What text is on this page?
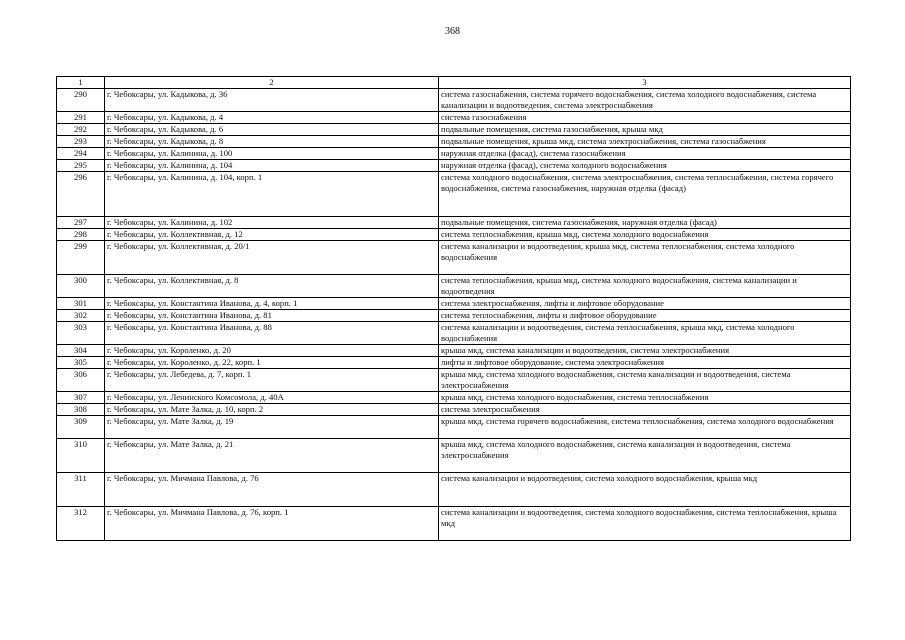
368
1	2	3
290	г. Чебоксары, ул. Кадыкова, д. 36	система газоснабжения, система горячего водоснабжения, система холодного водоснабжения, система канализации и водоотведения, система электроснабжения
291	г. Чебоксары, ул. Кадыкова, д. 4	система газоснабжения
292	г. Чебоксары, ул. Кадыкова, д. 6	подвальные помещения, система газоснабжения, крыша мкд
293	г. Чебоксары, ул. Кадыкова, д. 8	подвальные помещения, крыша мкд, система электроснабжения, система газоснабжения
294	г. Чебоксары, ул. Калинина, д. 100	наружная отделка (фасад), система газоснабжения
295	г. Чебоксары, ул. Калинина, д. 104	наружная отделка (фасад), система холодного водоснабжения
296	г. Чебоксары, ул. Калинина, д. 104, корп. 1	система холодного водоснабжения, система электроснабжения, система теплоснабжения, система горячего водоснабжения, система газоснабжения, наружная отделка (фасад)
297	г. Чебоксары, ул. Калинина, д. 102	подвальные помещения, система газоснабжения, наружная отделка (фасад)
298	г. Чебоксары, ул. Коллективная, д. 12	система теплоснабжения, крыша мкд, система холодного водоснабжения
299	г. Чебоксары, ул. Коллективная, д. 20/1	система канализации и водоотведения, крыша мкд, система теплоснабжения, система холодного водоснабжения
300	г. Чебоксары, ул. Коллективная, д. 8	система теплоснабжения, крыша мкд, система холодного водоснабжения, система канализации и водоотведения
301	г. Чебоксары, ул. Константина Иванова, д. 4, корп. 1	система электроснабжения, лифты и лифтовое оборудование
302	г. Чебоксары, ул. Константина Иванова, д. 81	система теплоснабжения, лифты и лифтовое оборудование
303	г. Чебоксары, ул. Константина Иванова, д. 88	система канализации и водоотведения, система теплоснабжения, крыша мкд, система холодного водоснабжения
304	г. Чебоксары, ул. Короленко, д. 20	крыша мкд, система канализации и водоотведения, система электроснабжения
305	г. Чебоксары, ул. Короленко, д. 22, корп. 1	лифты и лифтовое оборудование, система электроснабжения
306	г. Чебоксары, ул. Лебедева, д. 7, корп. 1	крыша мкд, система холодного водоснабжения, система канализации и водоотведения, система электроснабжения
307	г. Чебоксары, ул. Ленинского Комсомола, д. 40А	крыша мкд, система холодного водоснабжения, система теплоснабжения
308	г. Чебоксары, ул. Мате Залка, д. 10, корп. 2	система электроснабжения
309	г. Чебоксары, ул. Мате Залка, д. 19	крыша мкд, система горячего водоснабжения, система теплоснабжения, система холодного водоснабжения
310	г. Чебоксары, ул. Мате Залка, д. 21	крыша мкд, система холодного водоснабжения, система канализации и водоотведения, система электроснабжения
311	г. Чебоксары, ул. Мичмана Павлова, д. 76	система канализации и водоотведения, система холодного водоснабжения, крыша мкд
312	г. Чебоксары, ул. Мичмана Павлова, д. 76, корп. 1	система канализации и водоотведения, система холодного водоснабжения, система теплоснабжения, крыша мкд
